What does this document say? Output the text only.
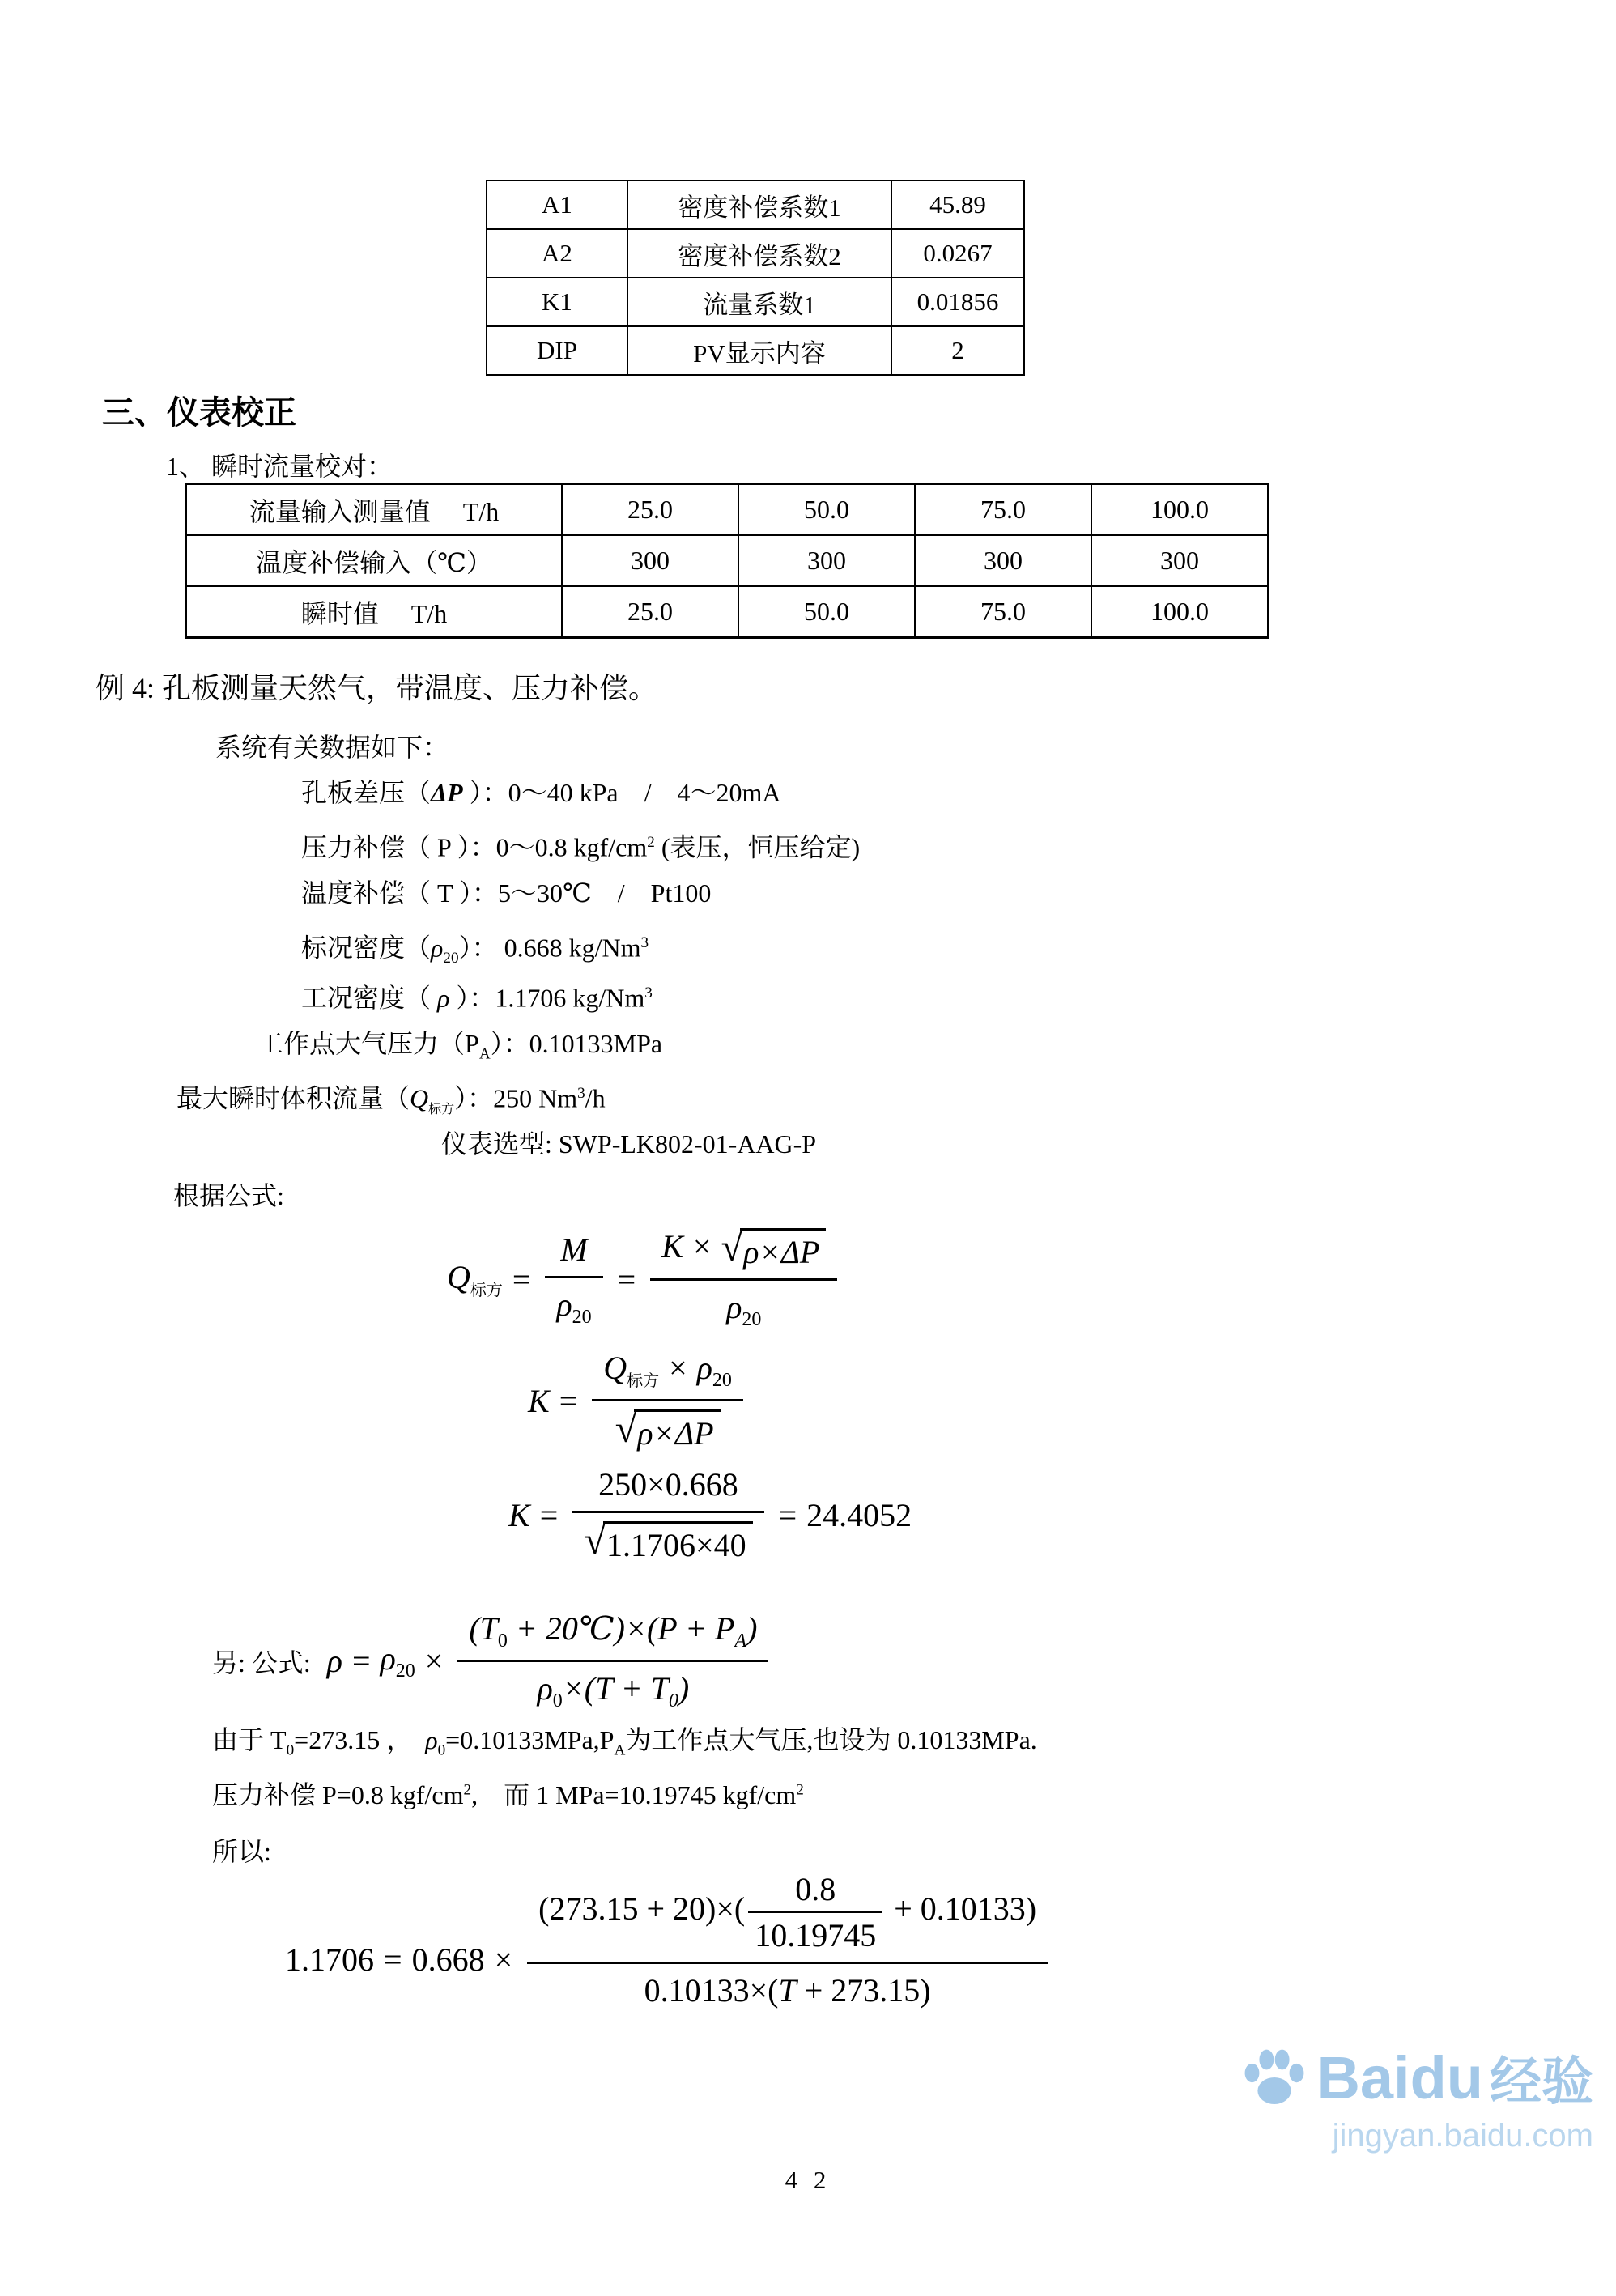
A1	密度补偿系数1	45.89
A2	密度补偿系数2	0.0267
K1	流量系数1	0.01856
DIP	PV显示内容	2
三、仪表校正
1、 瞬时流量校对：
流量输入测量值　 T/h	25.0	50.0	75.0	100.0
温度补偿输入（℃）	300	300	300	300
瞬时值　 T/h	25.0	50.0	75.0	100.0
例 4: 孔板测量天然气，带温度、压力补偿。
系统有关数据如下：
孔板差压（ΔP ）：0～40 kPa　/　4～20mA
压力补偿（ P ）：0～0.8 kgf/$cm^2$ (表压，恒压给定)
温度补偿（ T ）：5～30℃　/　Pt100
标况密度$(\rho_{20})$： 0.668 kg/Nm$^3$
工况密度（ ρ ）：1.1706 kg/Nm$^3$
工作点大气压力$(P_A)$：0.10133MPa
最大瞬时体积流量$(Q_{标方})$：250 Nm$^3$/h
仪表选型: SWP-LK802-01-AAG-P
根据公式:
$Q_{标方} = \frac{M}{\rho_{20}} = \frac{K \times √ \rho\times\Delta P}{\rho_{20}}$
$K = \frac{Q_{标方} \times \rho_{20}}{√ \rho\times\Delta P}$
$K = \frac{250\times 0.668}{√ 1.1706\times 40} = 24.4052$
另: 公式: $\rho = \rho_{20} \times \frac{(T_0 + 20℃)\times(P + P_A)}{\rho_0\times(T + T_0)}$
由于 $T_0=273.15$ ，  $\rho_0=0.10133MPa,P_A$为工作点大气压,也设为 0.10133MPa.
压力补偿 P=0.8 kgf/$cm^2$,　而 1 MPa=10.19745 kgf/$cm^2$
所以:
$1.1706 = 0.668 \times \frac{(273.15 + 20)\times( \frac{0.8}{10.19745} + 0.10133)}{0.10133\times(T + 273.15)}$
4 2
Baidu 经验
jingyan.baidu.com
